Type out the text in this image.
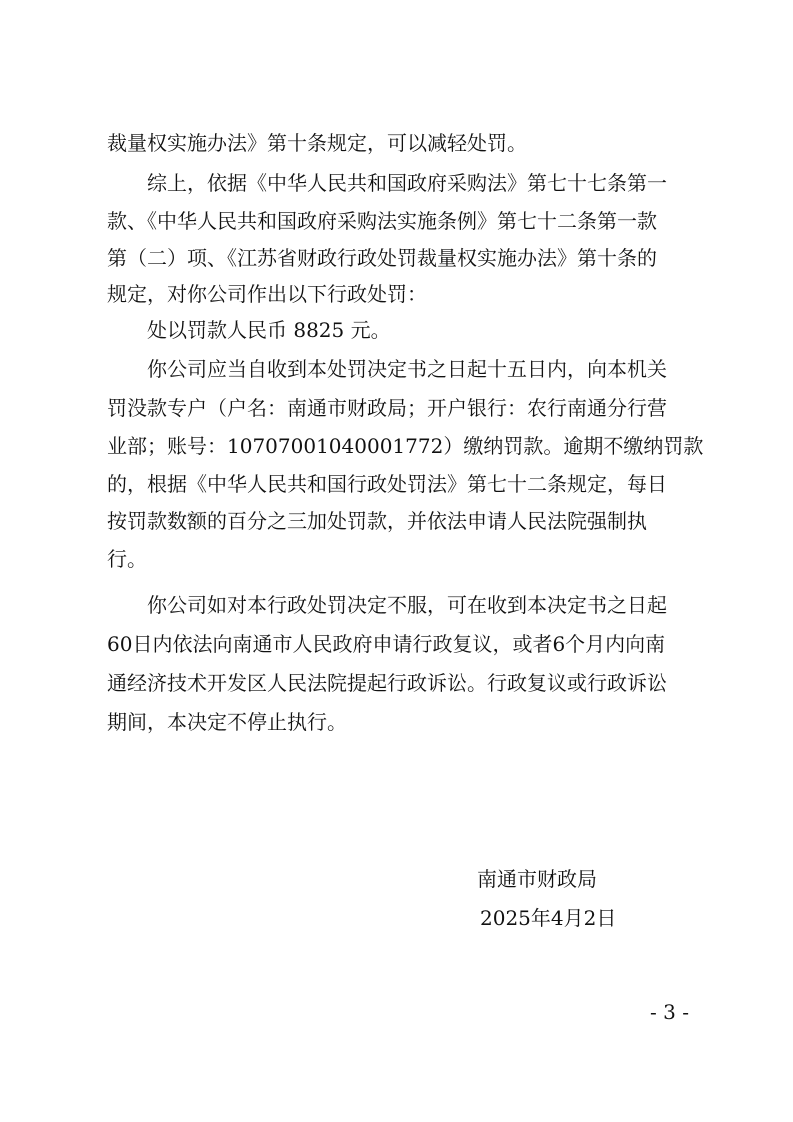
裁量权实施办法》第十条规定，可以减轻处罚。
综上，依据《中华人民共和国政府采购法》第七十七条第一
款、《中华人民共和国政府采购法实施条例》第七十二条第一款
第（二）项、《江苏省财政行政处罚裁量权实施办法》第十条的
规定，对你公司作出以下行政处罚：
处以罚款人民币 8825 元。
你公司应当自收到本处罚决定书之日起十五日内，向本机关
罚没款专户（户名：南通市财政局；开户银行：农行南通分行营
业部；账号：10707001040001772）缴纳罚款。逾期不缴纳罚款
的，根据《中华人民共和国行政处罚法》第七十二条规定，每日
按罚款数额的百分之三加处罚款，并依法申请人民法院强制执
行。
你公司如对本行政处罚决定不服，可在收到本决定书之日起
60日内依法向南通市人民政府申请行政复议，或者6个月内向南
通经济技术开发区人民法院提起行政诉讼。行政复议或行政诉讼
期间，本决定不停止执行。
南通市财政局
2025年4月2日
- 3 -
